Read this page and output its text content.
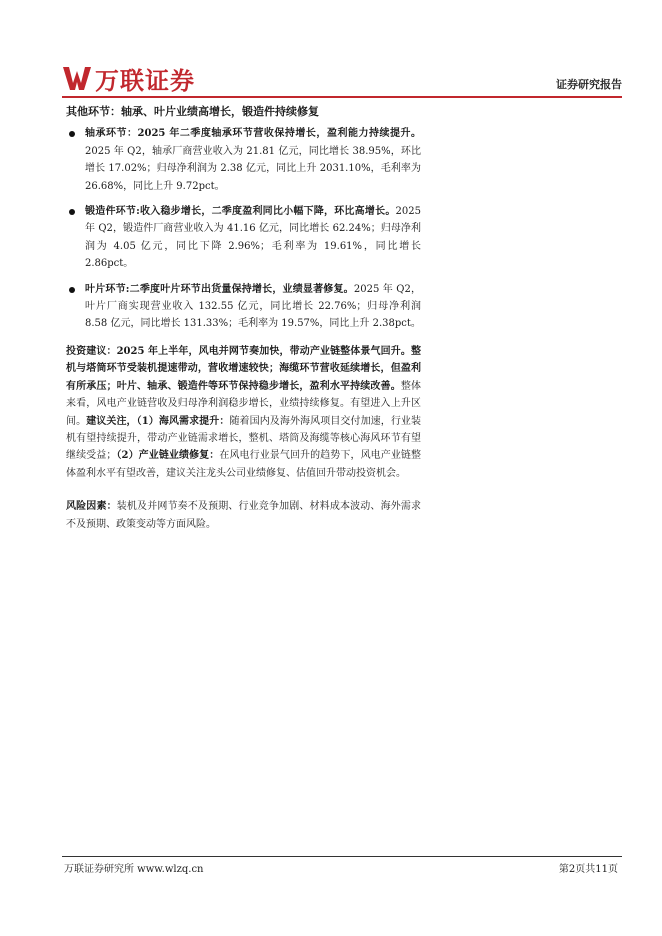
万联证券	证券研究报告
其他环节：轴承、叶片业绩高增长，锻造件持续修复
轴承环节：2025 年二季度轴承环节营收保持增长，盈利能力持续提升。2025 年 Q2，轴承厂商营业收入为 21.81 亿元，同比增长 38.95%，环比增长 17.02%；归母净利润为 2.38 亿元，同比上升 2031.10%，毛利率为 26.68%，同比上升 9.72pct。
锻造件环节:收入稳步增长，二季度盈利同比小幅下降，环比高增长。2025 年 Q2，锻造件厂商营业收入为 41.16 亿元，同比增长 62.24%；归母净利润为 4.05 亿元，同比下降 2.96%；毛利率为 19.61%，同比增长 2.86pct。
叶片环节:二季度叶片环节出货量保持增长，业绩显著修复。2025 年 Q2，叶片厂商实现营业收入 132.55 亿元，同比增长 22.76%；归母净利润 8.58 亿元，同比增长 131.33%；毛利率为 19.57%，同比上升 2.38pct。
投资建议：2025 年上半年，风电并网节奏加快，带动产业链整体景气回升。整机与塔筒环节受装机提速带动，营收增速较快；海缆环节营收延续增长，但盈利有所承压；叶片、轴承、锻造件等环节保持稳步增长，盈利水平持续改善。整体来看，风电产业链营收及归母净利润稳步增长，业绩持续修复。有望进入上升区间。建议关注，（1）海风需求提升：随着国内及海外海风项目交付加速，行业装机有望持续提升，带动产业链需求增长，整机、塔筒及海缆等核心海风环节有望继续受益；（2）产业链业绩修复：在风电行业景气回升的趋势下，风电产业链整体盈利水平有望改善，建议关注龙头公司业绩修复、估值回升带动投资机会。
风险因素：装机及并网节奏不及预期、行业竞争加剧、材料成本波动、海外需求不及预期、政策变动等方面风险。
万联证券研究所 www.wlzq.cn	第2页共11页
